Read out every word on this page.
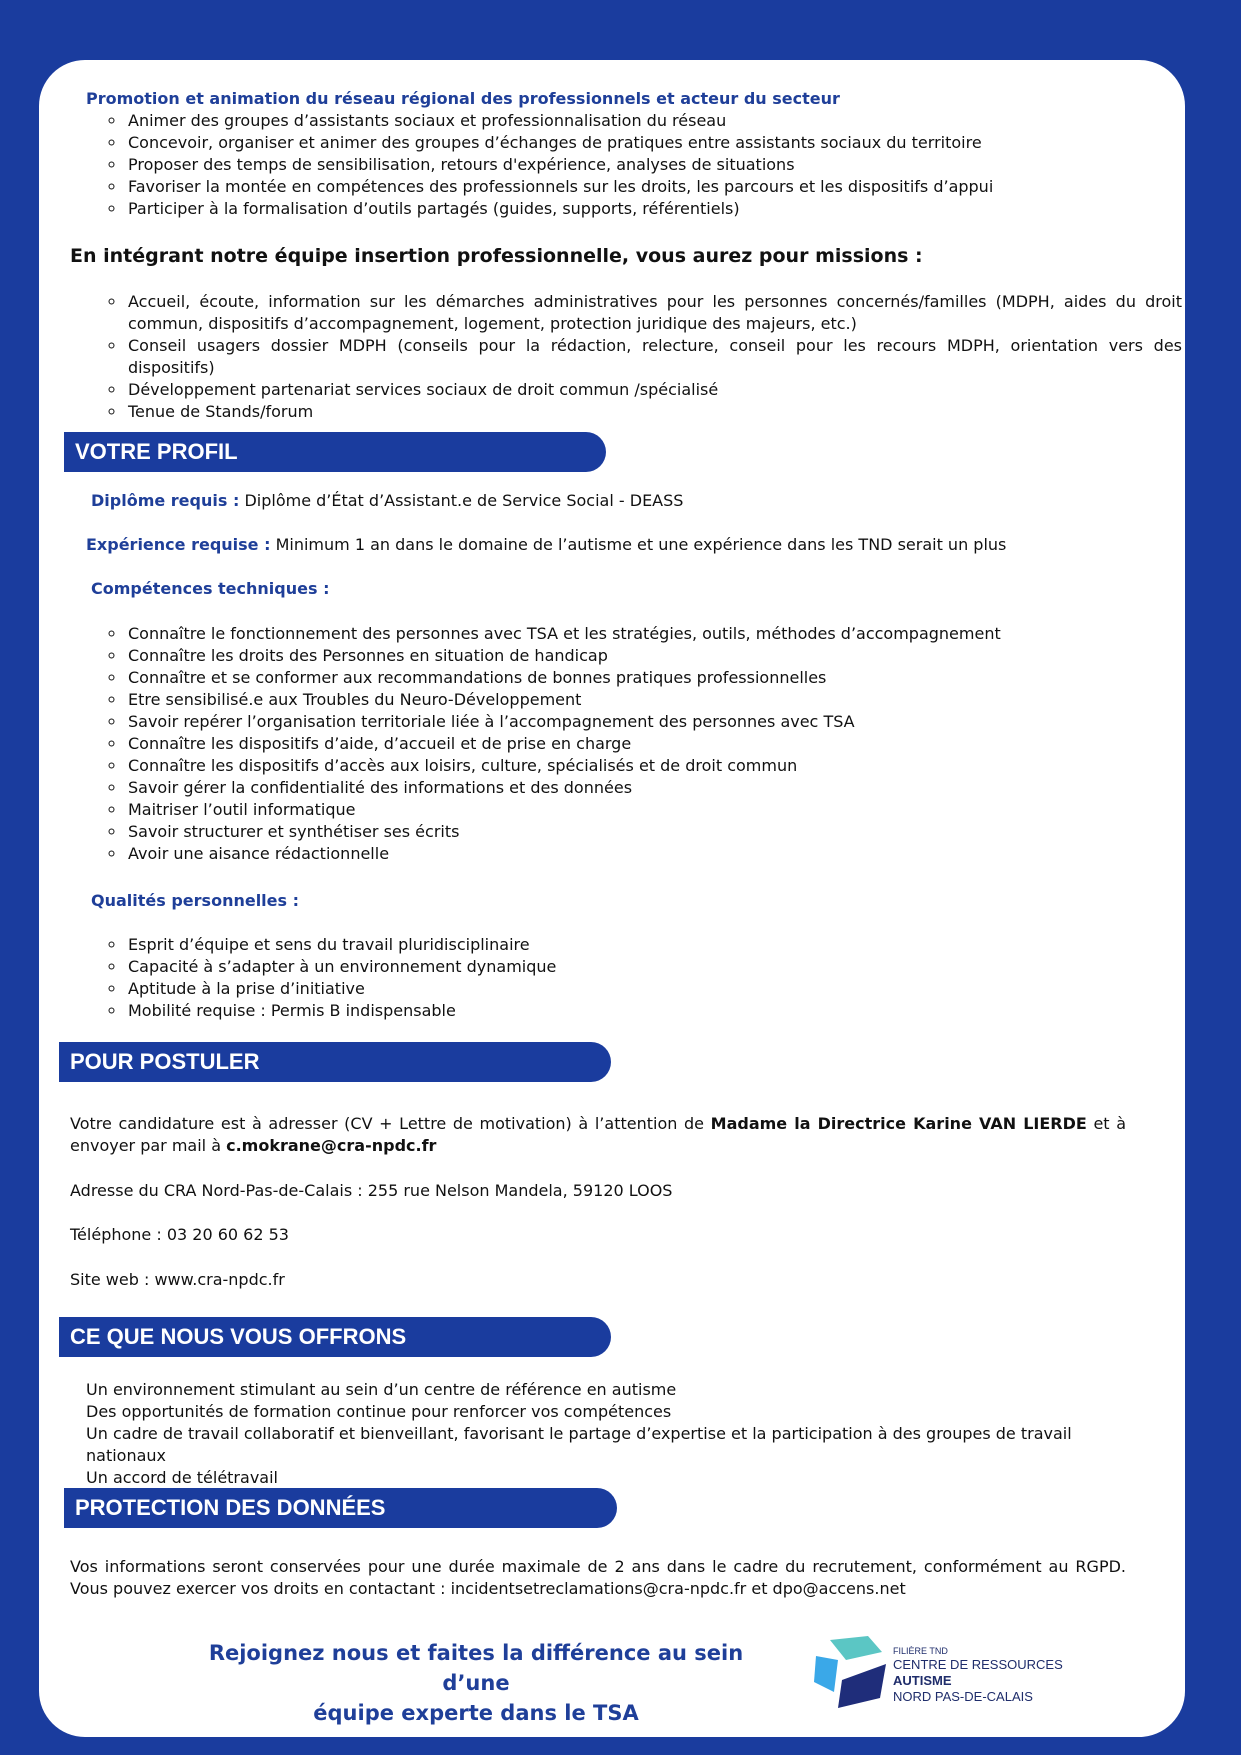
Promotion et animation du réseau régional des professionnels et acteur du secteur
◦ Animer des groupes d’assistants sociaux et professionnalisation du réseau
◦ Concevoir, organiser et animer des groupes d’échanges de pratiques entre assistants sociaux du territoire
◦ Proposer des temps de sensibilisation, retours d'expérience, analyses de situations
◦ Favoriser la montée en compétences des professionnels sur les droits, les parcours et les dispositifs d’appui
◦ Participer à la formalisation d’outils partagés (guides, supports, référentiels)
En intégrant notre équipe insertion professionnelle, vous aurez pour missions :
◦ Accueil, écoute, information sur les démarches administratives pour les personnes concernés/familles (MDPH, aides du droit commun, dispositifs d’accompagnement, logement, protection juridique des majeurs, etc.)
◦ Conseil usagers dossier MDPH (conseils pour la rédaction, relecture, conseil pour les recours MDPH, orientation vers des dispositifs)
◦ Développement partenariat services sociaux de droit commun /spécialisé
◦ Tenue de Stands/forum
VOTRE PROFIL
Diplôme requis : Diplôme d’État d’Assistant.e de Service Social - DEASS
Expérience requise : Minimum 1 an dans le domaine de l’autisme et une expérience dans les TND serait un plus
Compétences techniques :
◦ Connaître le fonctionnement des personnes avec TSA et les stratégies, outils, méthodes d’accompagnement
◦ Connaître les droits des Personnes en situation de handicap
◦ Connaître et se conformer aux recommandations de bonnes pratiques professionnelles
◦ Etre sensibilisé.e aux Troubles du Neuro-Développement
◦ Savoir repérer l’organisation territoriale liée à l’accompagnement des personnes avec TSA
◦ Connaître les dispositifs d’aide, d’accueil et de prise en charge
◦ Connaître les dispositifs d’accès aux loisirs, culture, spécialisés et de droit commun
◦ Savoir gérer la confidentialité des informations et des données
◦ Maitriser l’outil informatique
◦ Savoir structurer et synthétiser ses écrits
◦ Avoir une aisance rédactionnelle
Qualités personnelles :
◦ Esprit d’équipe et sens du travail pluridisciplinaire
◦ Capacité à s’adapter à un environnement dynamique
◦ Aptitude à la prise d’initiative
◦ Mobilité requise : Permis B indispensable
POUR POSTULER
Votre candidature est à adresser (CV + Lettre de motivation) à l’attention de Madame la Directrice Karine VAN LIERDE et à envoyer par mail à c.mokrane@cra-npdc.fr
Adresse du CRA Nord-Pas-de-Calais : 255 rue Nelson Mandela, 59120 LOOS
Téléphone : 03 20 60 62 53
Site web : www.cra-npdc.fr
CE QUE NOUS VOUS OFFRONS
Un environnement stimulant au sein d’un centre de référence en autisme
Des opportunités de formation continue pour renforcer vos compétences
Un cadre de travail collaboratif et bienveillant, favorisant le partage d’expertise et la participation à des groupes de travail nationaux
Un accord de télétravail
PROTECTION DES DONNÉES
Vos informations seront conservées pour une durée maximale de 2 ans dans le cadre du recrutement, conformément au RGPD. Vous pouvez exercer vos droits en contactant : incidentsetreclamations@cra-npdc.fr et dpo@accens.net
Rejoignez nous et faites la différence au sein d’une
équipe experte dans le TSA
FILIÈRE TND
CENTRE DE RESSOURCES
AUTISME
NORD PAS-DE-CALAIS
